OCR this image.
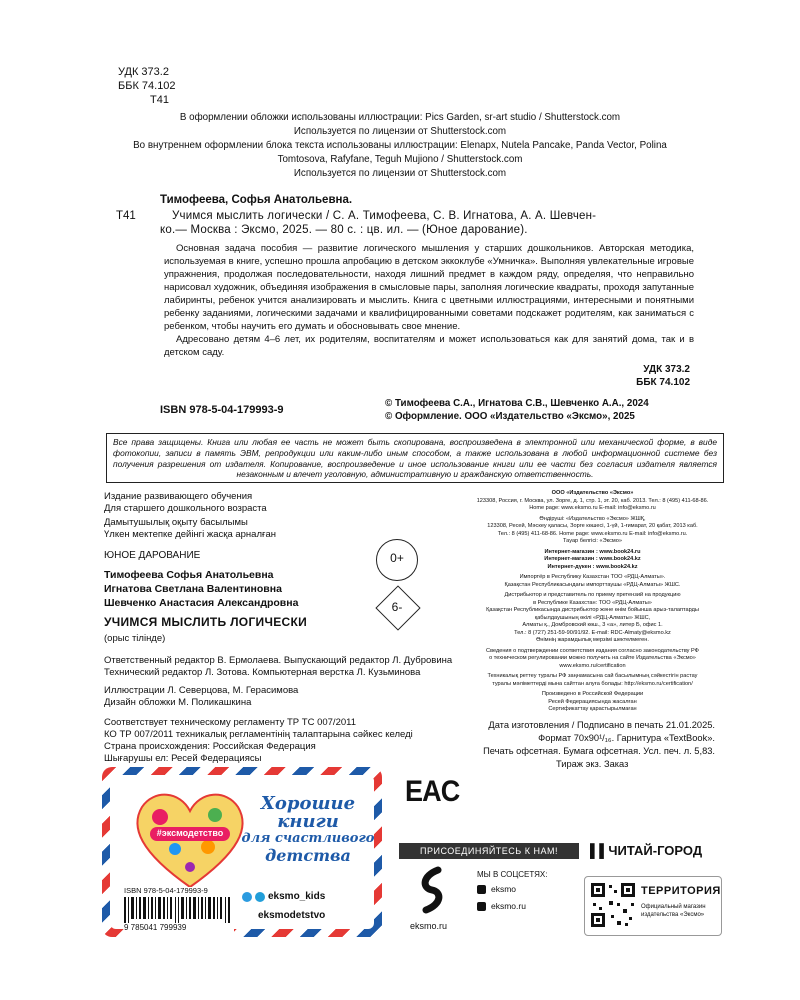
УДК 373.2
ББК 74.102
Т41
В оформлении обложки использованы иллюстрации: Pics Garden, sr-art studio / Shutterstock.com
Используется по лицензии от Shutterstock.com
Во внутреннем оформлении блока текста использованы иллюстрации: Elenapx, Nutela Pancake, Panda Vector, Polina
Tomtosova, Rafyfane, Teguh Mujiono / Shutterstock.com
Используется по лицензии от Shutterstock.com
Тимофеева, Софья Анатольевна.
Т41	Учимся мыслить логически / С. А. Тимофеева, С. В. Игнатова, А. А. Шевчен-
ко.— Москва : Эксмо, 2025. — 80 с. : цв. ил. — (Юное дарование).

Основная задача пособия — развитие логического мышления у старших дошкольников. Авторская методика, используемая в книге, успешно прошла апробацию в детском эккоклубе «Умничка». Выполняя увлекательные игровые упражнения, продолжая последовательности, находя лишний предмет в каждом ряду, определяя, что неправильно нарисовал художник, объединяя изображения в смысловые пары, заполняя логические квадраты, проходя запутанные лабиринты, ребенок учится анализировать и мыслить. Книга с цветными иллюстрациями, интересными и понятными ребенку заданиями, логическими задачами и квалифицированными советами подскажет родителям, как заниматься с ребенком, чтобы научить его думать и обосновывать свое мнение.

Адресовано детям 4–6 лет, их родителям, воспитателям и может использоваться как для занятий дома, так и в детском саду.

УДК 373.2
ББК 74.102
ISBN 978-5-04-179993-9
© Тимофеева С.А., Игнатова С.В., Шевченко А.А., 2024
© Оформление. ООО «Издательство «Эксмо», 2025
Все права защищены. Книга или любая ее часть не может быть скопирована, воспроизведена в электронной или механической форме, в виде фотокопии, записи в память ЭВМ, репродукции или каким-либо иным способом, а также использована в любой информационной системе без получения разрешения от издателя. Копирование, воспроизведение и иное использование книги или ее части без согласия издателя является незаконным и влечет уголовную, административную и гражданскую ответственность.
Издание развивающего обучения
Для старшего дошкольного возраста
Дамытушылық оқыту басылымы
Үлкен мектепке дейінгі жасқа арналған
ЮНОЕ ДАРОВАНИЕ
Тимофеева Софья Анатольевна
Игнатова Светлана Валентиновна
Шевченко Анастасия Александровна
УЧИМСЯ МЫСЛИТЬ ЛОГИЧЕСКИ
(орыс тілінде)
Ответственный редактор В. Ермолаева. Выпускающий редактор Л. Дубровина
Технический редактор Л. Зотова. Компьютерная верстка Л. Кузьминова
Иллюстрации Л. Северцова, М. Герасимова
Дизайн обложки М. Поликашкина
Соответствует техническому регламенту ТР ТС 007/2011
КО ТР 007/2011 техникалық регламентінің талаптарына сәйкес келеді
Страна происхождения: Российская Федерация
Шығарушы ел: Ресей Федерациясы
0+
6-
ООО «Издательство «Эксмо»
123308, Россия, г. Москва, ул. Зорге, д. 1, стр. 1, эт. 20, каб. 2013. Тел.: 8 (495) 411-68-86.
Home page: www.eksmo.ru E-mail: info@eksmo.ru
Өндіруші: «Издательство «Эксмо» ЖШҚ,
123308, Ресей, Мәскеу қаласы, Зорге көшесі, 1-үй, 1-ғимарат, 20 қабат, 2013 каб.
Тел.: 8 (495) 411-68-86. Home page: www.eksmo.ru E-mail: info@eksmo.ru.
Тауар белгісі: «Эксмо»
Интернет-магазин : www.book24.ru
Интернет-магазин : www.book24.kz
Интернет-дүкен : www.book24.kz
Импортёр в Республику Казахстан ТОО «РДЦ-Алматы».
Қазақстан Республикасындағы импорттаушы «РДЦ-Алматы» ЖШС.
Дистрибьютор и представитель по приему претензий на продукцию
в Республике Казахстан: ТОО «РДЦ-Алматы»
Қазақстан Республикасында дистрибьютор және өнім бойынша арыз-талаптарды
қабылдаушының өкілі «РДЦ-Алматы» ЖШС,
Алматы қ., Домбровский көш., 3 «а», литер Б, офис 1.
Тел.: 8 (727) 251-59-90/91/92. E-mail: RDC-Almaty@eksmo.kz
Өнімнің жарамдылық мерзімі шектелмеген.
Сведения о подтверждении соответствия издания согласно законодательству РФ
о техническом регулировании можно получить на сайте Издательства «Эксмо»
www.eksmo.ru/certification
Техникалық реттеу туралы РФ заңнамасына сай басылымның сәйкестігін растау
туралы мәліметтерді мына сайттан алуға болады: http://eksmo.ru/certification/
Произведено в Российской Федерации
Ресей Федерациясында жасалған
Сертификаттау қарастырылмаған
Дата изготовления / Подписано в печать 21.01.2025.
Формат 70x90¹/₁₆. Гарнитура «TextBook».
Печать офсетная. Бумага офсетная. Усл. печ. л. 5,83.
Тираж экз. Заказ
#эксмодетство
Хорошие
книги
для счастливого
детства
ISBN 978-5-04-179993-9
9 785041 799939
eksmo_kids
eksmodetstvo
EAC
ПРИСОЕДИНЯЙТЕСЬ К НАМ!	▌▌ЧИТАЙ-ГОРОД
eksmo.ru
МЫ В СОЦСЕТЯХ:
eksmo
eksmo.ru
ТЕРРИТОРИЯ
Официальный магазин издательства «Эксмо»
